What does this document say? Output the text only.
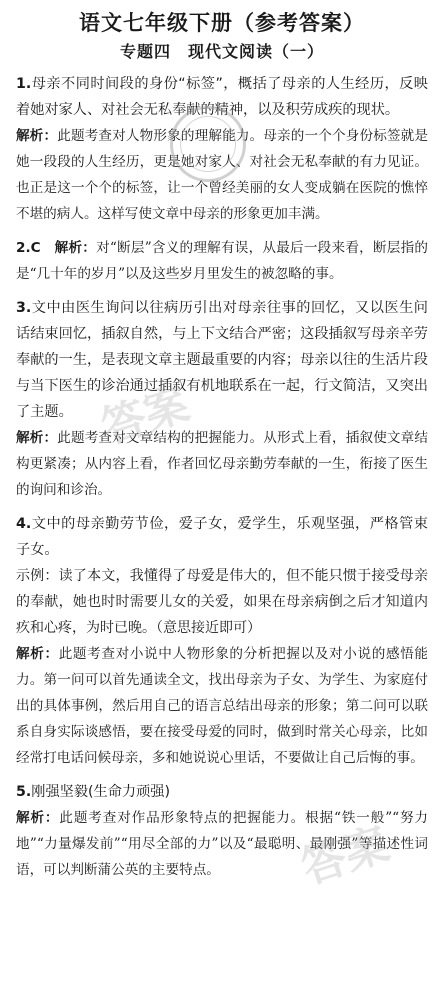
答案
答案
语文七年级下册（参考答案）
专题四　现代文阅读（一）

1.母亲不同时间段的身份“标签”，概括了母亲的人生经历，反映着她对家人、对社会无私奉献的精神，以及积劳成疾的现状。

解析：此题考查对人物形象的理解能力。母亲的一个个身份标签就是她一段段的人生经历，更是她对家人、对社会无私奉献的有力见证。也正是这一个个的标签，让一个曾经美丽的女人变成躺在医院的憔悴不堪的病人。这样写使文章中母亲的形象更加丰满。

2.C　解析：对“断层”含义的理解有误，从最后一段来看，断层指的是“几十年的岁月”以及这些岁月里发生的被忽略的事。

3.文中由医生询问以往病历引出对母亲往事的回忆，又以医生问话结束回忆，插叙自然，与上下文结合严密；这段插叙写母亲辛劳奉献的一生，是表现文章主题最重要的内容；母亲以往的生活片段与当下医生的诊治通过插叙有机地联系在一起，行文简洁，又突出了主题。

解析：此题考查对文章结构的把握能力。从形式上看，插叙使文章结构更紧凑；从内容上看，作者回忆母亲勤劳奉献的一生，衔接了医生的询问和诊治。

4.文中的母亲勤劳节俭，爱子女，爱学生，乐观坚强，严格管束子女。

示例：读了本文，我懂得了母爱是伟大的，但不能只惯于接受母亲的奉献，她也时时需要儿女的关爱，如果在母亲病倒之后才知道内疚和心疼，为时已晚。（意思接近即可）

解析：此题考查对小说中人物形象的分析把握以及对小说的感悟能力。第一问可以首先通读全文，找出母亲为子女、为学生、为家庭付出的具体事例，然后用自己的语言总结出母亲的形象；第二问可以联系自身实际谈感悟，要在接受母爱的同时，做到时常关心母亲，比如经常打电话问候母亲，多和她说说心里话，不要做让自己后悔的事。

5.刚强坚毅(生命力顽强)

解析：此题考查对作品形象特点的把握能力。根据“铁一般”“努力地”“力量爆发前”“用尽全部的力”以及“最聪明、最刚强”等描述性词语，可以判断蒲公英的主要特点。
